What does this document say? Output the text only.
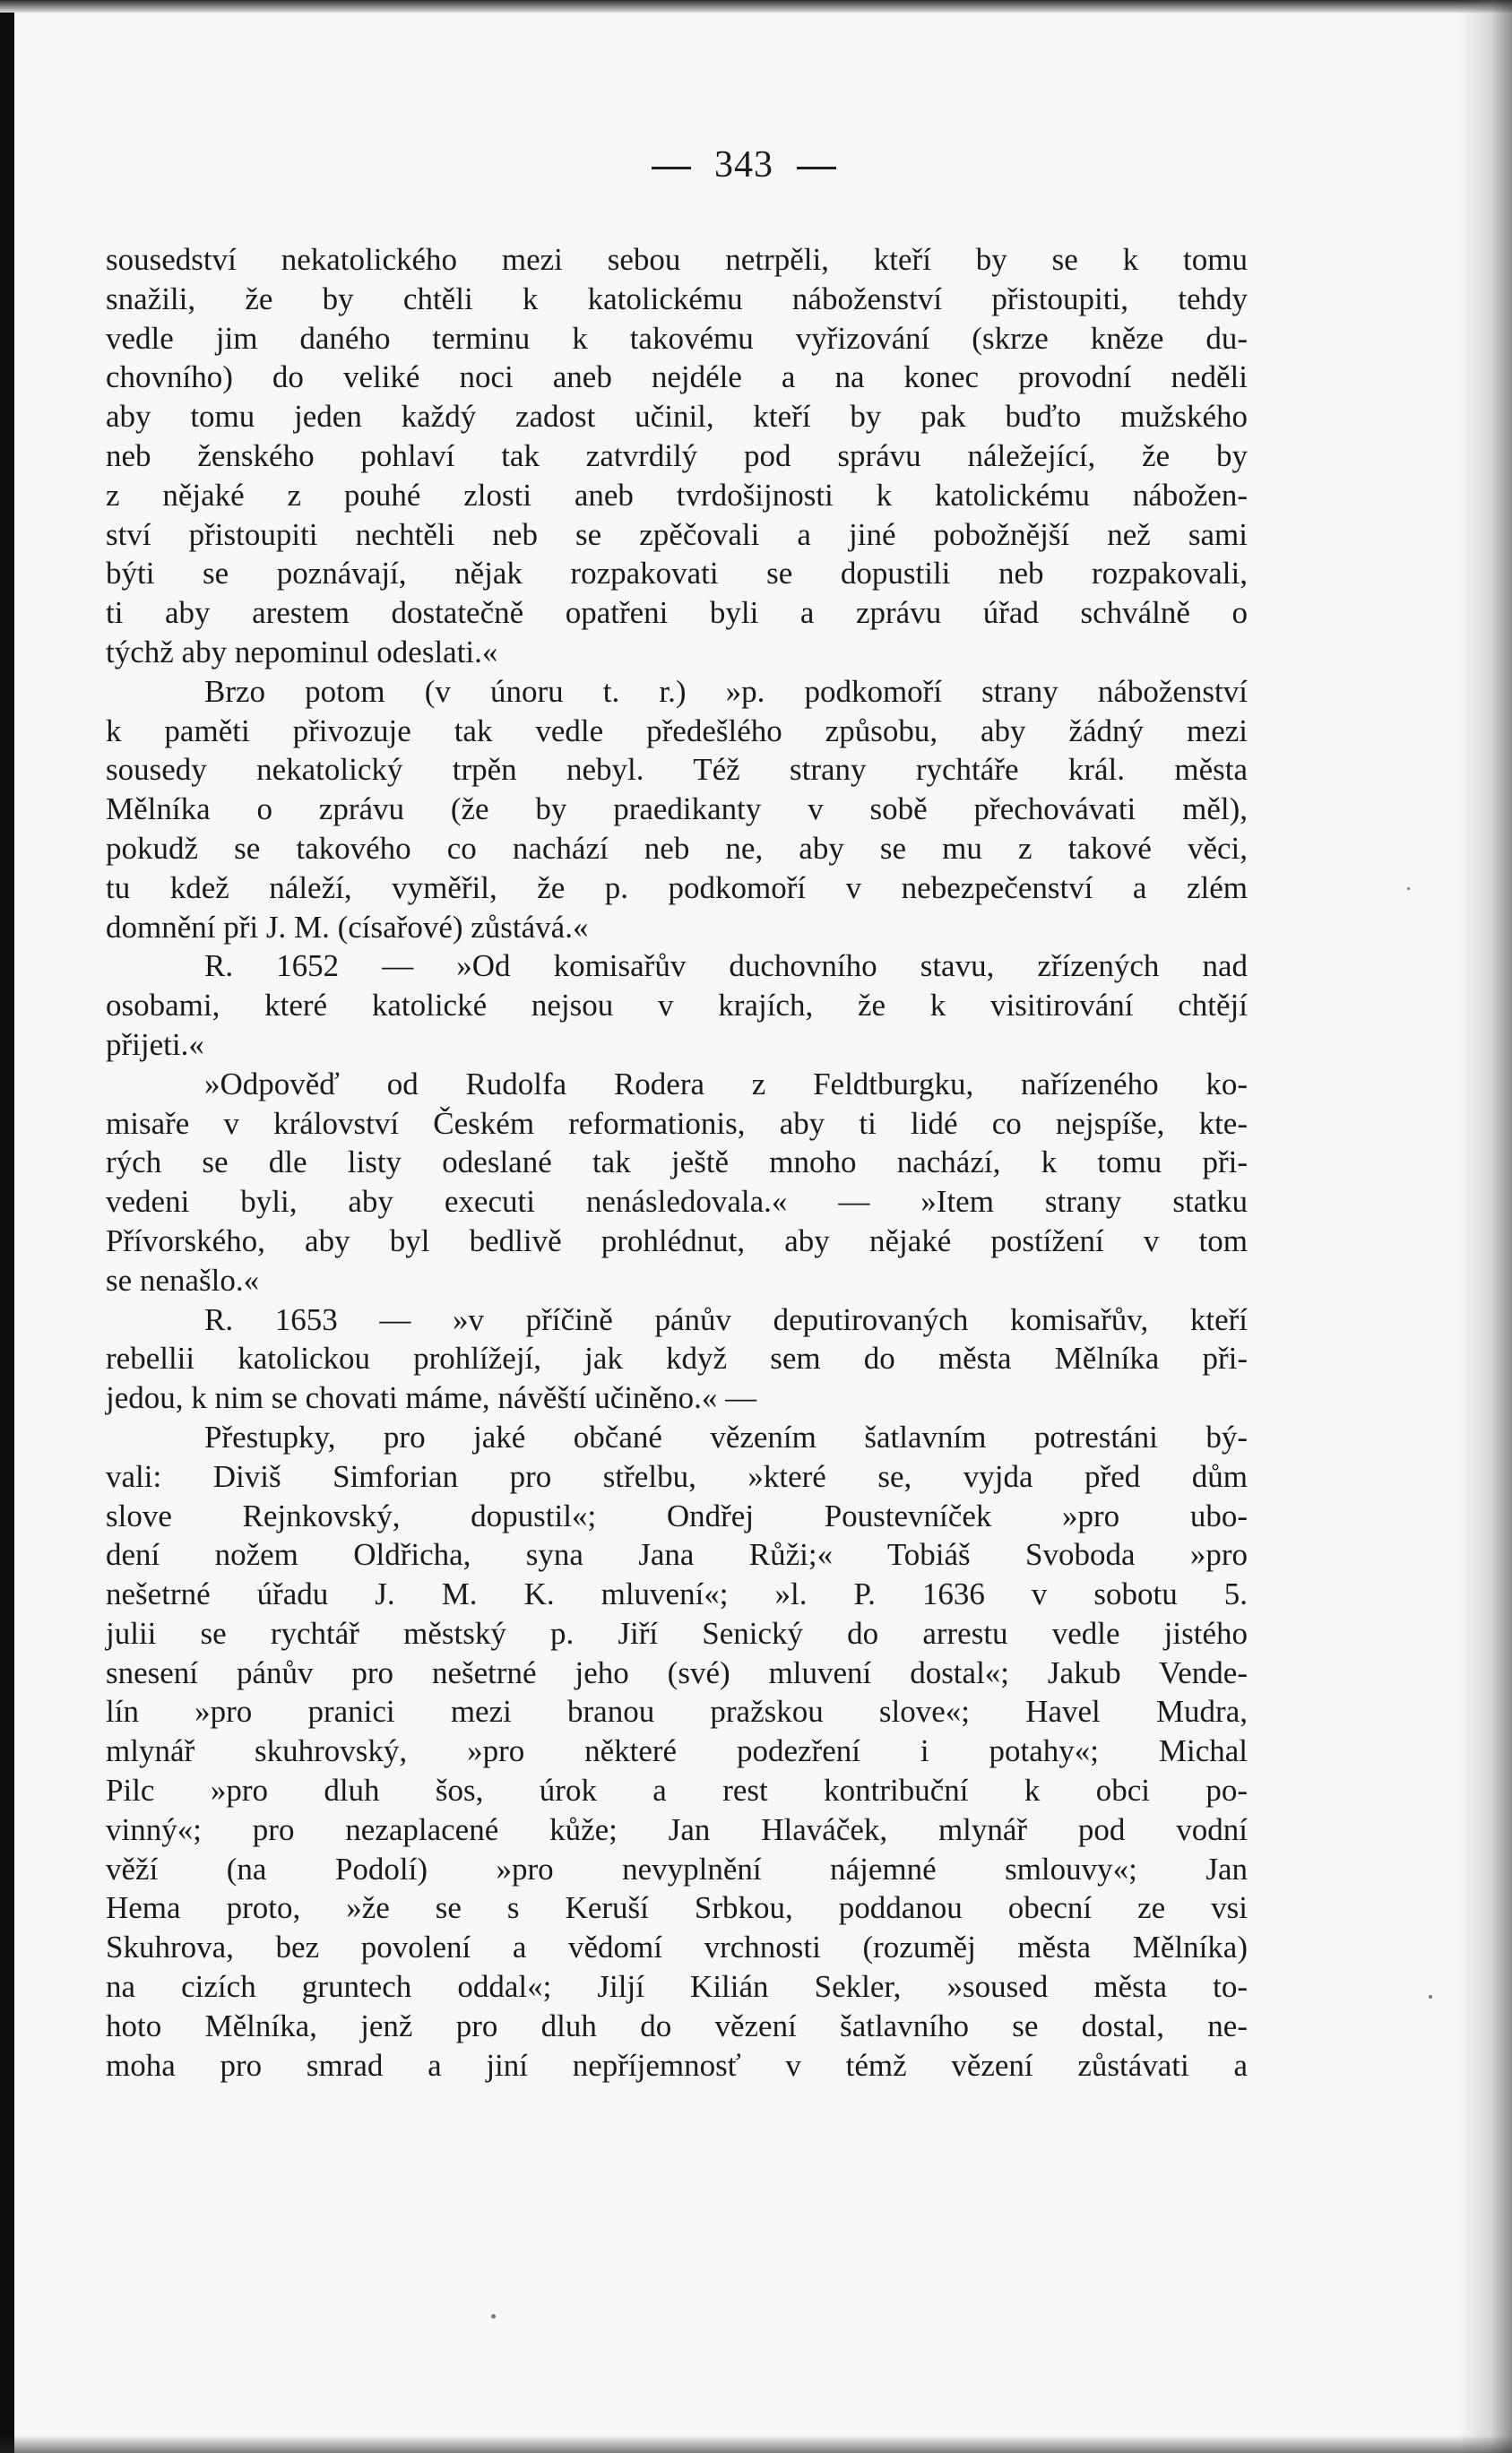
343
sousedství nekatolického mezi sebou netrpěli, kteří by se k tomu
snažili, že by chtěli k katolickému náboženství přistoupiti, tehdy
vedle jim daného terminu k takovému vyřizování (skrze kněze du-
chovního) do veliké noci aneb nejdéle a na konec provodní neděli
aby tomu jeden každý zadost učinil, kteří by pak buďto mužského
neb ženského pohlaví tak zatvrdilý pod správu náležející, že by
z nějaké z pouhé zlosti aneb tvrdošijnosti k katolickému nábožen-
ství přistoupiti nechtěli neb se zpěčovali a jiné pobožnější než sami
býti se poznávají, nějak rozpakovati se dopustili neb rozpakovali,
ti aby arestem dostatečně opatřeni byli a zprávu úřad schválně o
týchž aby nepominul odeslati.«
Brzo potom (v únoru t. r.) »p. podkomoří strany náboženství
k paměti přivozuje tak vedle předešlého způsobu, aby žádný mezi
sousedy nekatolický trpěn nebyl. Též strany rychtáře král. města
Mělníka o zprávu (že by praedikanty v sobě přechovávati měl),
pokudž se takového co nachází neb ne, aby se mu z takové věci,
tu kdež náleží, vyměřil, že p. podkomoří v nebezpečenství a zlém
domnění při J. M. (císařové) zůstává.«
R. 1652 — »Od komisařův duchovního stavu, zřízených nad
osobami, které katolické nejsou v krajích, že k visitirování chtějí
přijeti.«
»Odpověď od Rudolfa Rodera z Feldtburgku, nařízeného ko-
misaře v království Českém reformationis, aby ti lidé co nejspíše, kte-
rých se dle listy odeslané tak ještě mnoho nachází, k tomu při-
vedeni byli, aby executi nenásledovala.« — »Item strany statku
Přívorského, aby byl bedlivě prohlédnut, aby nějaké postížení v tom
se nenašlo.«
R. 1653 — »v příčině pánův deputirovaných komisařův, kteří
rebellii katolickou prohlížejí, jak když sem do města Mělníka při-
jedou, k nim se chovati máme, návěští učiněno.« —
Přestupky, pro jaké občané vězením šatlavním potrestáni bý-
vali: Diviš Simforian pro střelbu, »které se, vyjda před dům
slove Rejnkovský, dopustil«; Ondřej Poustevníček »pro ubo-
dení nožem Oldřicha, syna Jana Růži;« Tobiáš Svoboda »pro
nešetrné úřadu J. M. K. mluvení«; »l. P. 1636 v sobotu 5.
julii se rychtář městský p. Jiří Senický do arrestu vedle jistého
snesení pánův pro nešetrné jeho (své) mluvení dostal«; Jakub Vende-
lín »pro pranici mezi branou pražskou slove«; Havel Mudra,
mlynář skuhrovský, »pro některé podezření i potahy«; Michal
Pilc »pro dluh šos, úrok a rest kontribuční k obci po-
vinný«; pro nezaplacené kůže; Jan Hlaváček, mlynář pod vodní
věží (na Podolí) »pro nevyplnění nájemné smlouvy«; Jan
Hema proto, »že se s Keruší Srbkou, poddanou obecní ze vsi
Skuhrova, bez povolení a vědomí vrchnosti (rozuměj města Mělníka)
na cizích gruntech oddal«; Jiljí Kilián Sekler, »soused města to-
hoto Mělníka, jenž pro dluh do vězení šatlavního se dostal, ne-
moha pro smrad a jiní nepříjemnosť v témž vězení zůstávati a
